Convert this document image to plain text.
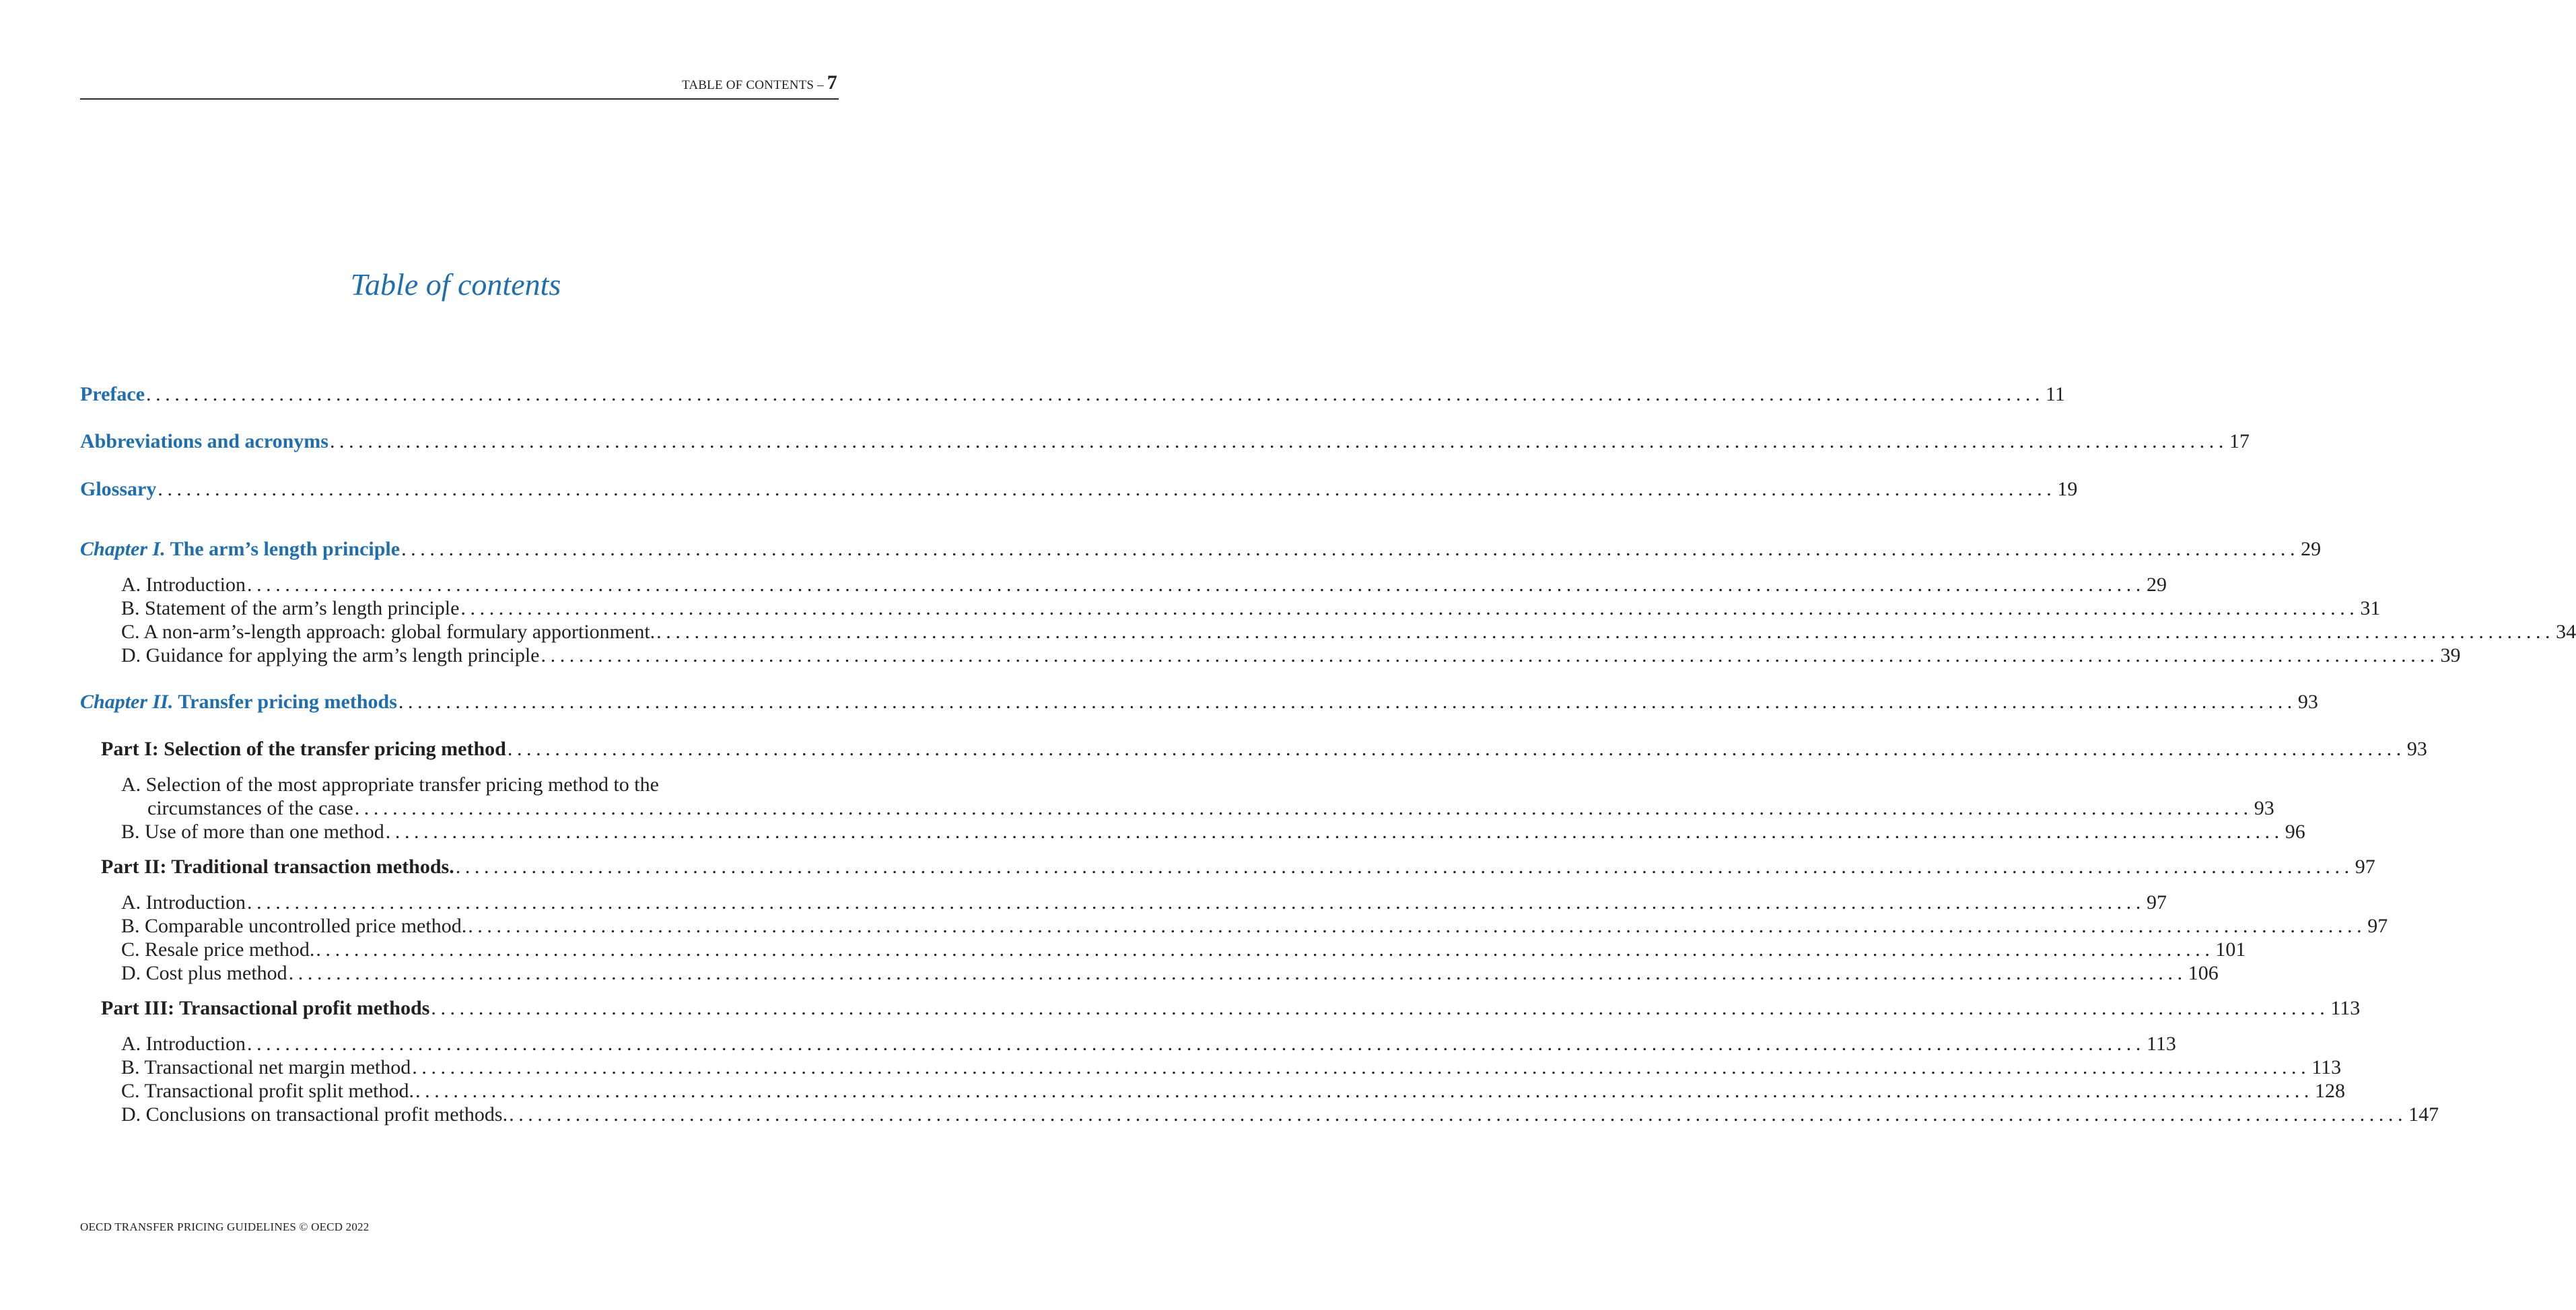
TABLE OF CONTENTS – 7
Table of contents
Preface ........................................................................................................................................................................................................ 11
Abbreviations and acronyms ........................................................................................................................................................................................................ 17
Glossary ........................................................................................................................................................................................................ 19
Chapter I. The arm’s length principle ........................................................................................................................................................................................................ 29
A. Introduction ........................................................................................................................................................................................................ 29
B. Statement of the arm’s length principle ........................................................................................................................................................................................................ 31
C. A non-arm’s-length approach: global formulary apportionment. ........................................................................................................................................................................................................ 34
D. Guidance for applying the arm’s length principle ........................................................................................................................................................................................................ 39
Chapter II. Transfer pricing methods ........................................................................................................................................................................................................ 93
Part I: Selection of the transfer pricing method ........................................................................................................................................................................................................ 93
A. Selection of the most appropriate transfer pricing method to the
circumstances of the case ........................................................................................................................................................................................................ 93
B. Use of more than one method ........................................................................................................................................................................................................ 96
Part II: Traditional transaction methods. ........................................................................................................................................................................................................ 97
A. Introduction ........................................................................................................................................................................................................ 97
B. Comparable uncontrolled price method. ........................................................................................................................................................................................................ 97
C. Resale price method. ........................................................................................................................................................................................................ 101
D. Cost plus method ........................................................................................................................................................................................................ 106
Part III: Transactional profit methods ........................................................................................................................................................................................................ 113
A. Introduction ........................................................................................................................................................................................................ 113
B. Transactional net margin method ........................................................................................................................................................................................................ 113
C. Transactional profit split method. ........................................................................................................................................................................................................ 128
D. Conclusions on transactional profit methods. ........................................................................................................................................................................................................ 147
OECD TRANSFER PRICING GUIDELINES © OECD 2022
